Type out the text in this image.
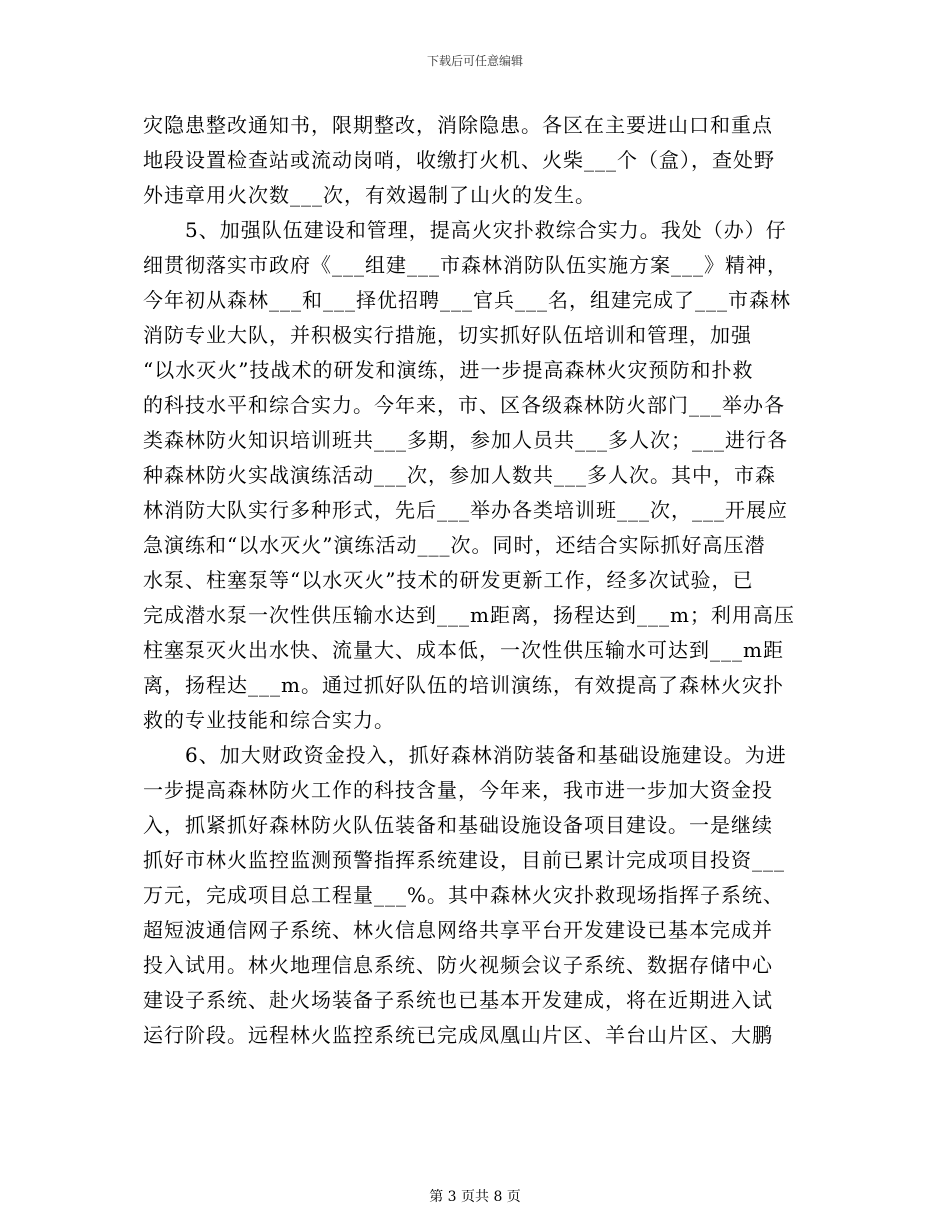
下载后可任意编辑
灾隐患整改通知书，限期整改，消除隐患。各区在主要进山口和重点
地段设置检查站或流动岗哨，收缴打火机、火柴___个（盒），查处野
外违章用火次数___次，有效遏制了山火的发生。
　　5、加强队伍建设和管理，提高火灾扑救综合实力。我处（办）仔
细贯彻落实市政府《___组建___市森林消防队伍实施方案___》精神，
今年初从森林___和___择优招聘___官兵___名，组建完成了___市森林
消防专业大队，并积极实行措施，切实抓好队伍培训和管理，加强
“以水灭火”技战术的研发和演练，进一步提高森林火灾预防和扑救
的科技水平和综合实力。今年来，市、区各级森林防火部门___举办各
类森林防火知识培训班共___多期，参加人员共___多人次；___进行各
种森林防火实战演练活动___次，参加人数共___多人次。其中，市森
林消防大队实行多种形式，先后___举办各类培训班___次，___开展应
急演练和“以水灭火”演练活动___次。同时，还结合实际抓好高压潜
水泵、柱塞泵等“以水灭火”技术的研发更新工作，经多次试验，已
完成潜水泵一次性供压输水达到___m距离，扬程达到___m；利用高压
柱塞泵灭火出水快、流量大、成本低，一次性供压输水可达到___m距
离，扬程达___m。通过抓好队伍的培训演练，有效提高了森林火灾扑
救的专业技能和综合实力。
　　6、加大财政资金投入，抓好森林消防装备和基础设施建设。为进
一步提高森林防火工作的科技含量，今年来，我市进一步加大资金投
入，抓紧抓好森林防火队伍装备和基础设施设备项目建设。一是继续
抓好市林火监控监测预警指挥系统建设，目前已累计完成项目投资___
万元，完成项目总工程量___%。其中森林火灾扑救现场指挥子系统、
超短波通信网子系统、林火信息网络共享平台开发建设已基本完成并
投入试用。林火地理信息系统、防火视频会议子系统、数据存储中心
建设子系统、赴火场装备子系统也已基本开发建成，将在近期进入试
运行阶段。远程林火监控系统已完成凤凰山片区、羊台山片区、大鹏
第 3 页共 8 页
